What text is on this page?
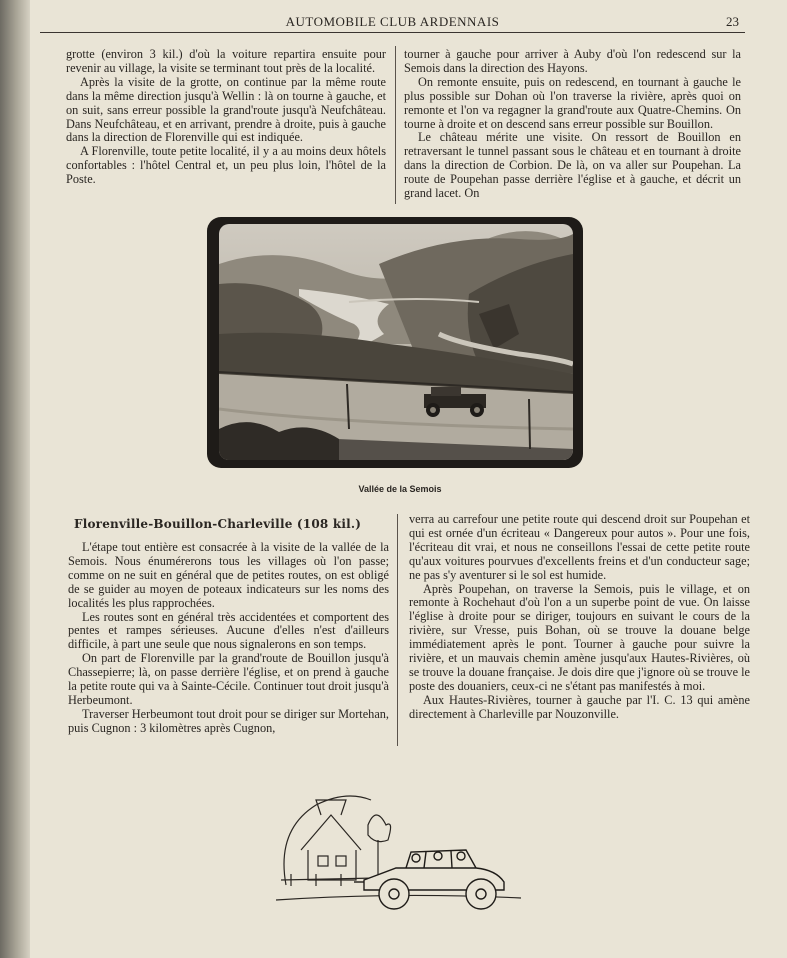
AUTOMOBILE CLUB ARDENNAIS	23

grotte (environ 3 kil.) d'où la voiture repartira ensuite pour revenir au village, la visite se terminant tout près de la localité.

Après la visite de la grotte, on continue par la même route dans la même direction jusqu'à Wellin : là on tourne à gauche, et on suit, sans erreur possible la grand'route jusqu'à Neufchâteau. Dans Neufchâteau, et en arrivant, prendre à droite, puis à gauche dans la direction de Florenville qui est indiquée.

A Florenville, toute petite localité, il y a au moins deux hôtels confortables : l'hôtel Central et, un peu plus loin, l'hôtel de la Poste.

tourner à gauche pour arriver à Auby d'où l'on redescend sur la Semois dans la direction des Hayons.

On remonte ensuite, puis on redescend, en tournant à gauche le plus possible sur Dohan où l'on traverse la rivière, après quoi on remonte et l'on va regagner la grand'route aux Quatre-Chemins. On tourne à droite et on descend sans erreur possible sur Bouillon.

Le château mérite une visite. On ressort de Bouillon en retraversant le tunnel passant sous le château et en tournant à droite dans la direction de Corbion. De là, on va aller sur Poupehan. La route de Poupehan passe derrière l'église et à gauche, et décrit un grand lacet. On

Vallée de la Semois
Florenville-Bouillon-Charleville (108 kil.)

L'étape tout entière est consacrée à la visite de la vallée de la Semois. Nous énumérerons tous les villages où l'on passe; comme on ne suit en général que de petites routes, on est obligé de se guider au moyen de poteaux indicateurs sur les noms des localités les plus rapprochées.

Les routes sont en général très accidentées et comportent des pentes et rampes sérieuses. Aucune d'elles n'est d'ailleurs difficile, à part une seule que nous signalerons en son temps.

On part de Florenville par la grand'route de Bouillon jusqu'à Chassepierre; là, on passe derrière l'église, et on prend à gauche la petite route qui va à Sainte-Cécile. Continuer tout droit jusqu'à Herbeumont.

Traverser Herbeumont tout droit pour se diriger sur Mortehan, puis Cugnon : 3 kilomètres après Cugnon,

verra au carrefour une petite route qui descend droit sur Poupehan et qui est ornée d'un écriteau « Dangereux pour autos ». Pour une fois, l'écriteau dit vrai, et nous ne conseillons l'essai de cette petite route qu'aux voitures pourvues d'excellents freins et d'un conducteur sage; ne pas s'y aventurer si le sol est humide.

Après Poupehan, on traverse la Semois, puis le village, et on remonte à Rochehaut d'où l'on a un superbe point de vue. On laisse l'église à droite pour se diriger, toujours en suivant le cours de la rivière, sur Vresse, puis Bohan, où se trouve la douane belge immédiatement après le pont. Tourner à gauche pour suivre la rivière, et un mauvais chemin amène jusqu'aux Hautes-Rivières, où se trouve la douane française. Je dois dire que j'ignore où se trouve le poste des douaniers, ceux-ci ne s'étant pas manifestés à moi.

Aux Hautes-Rivières, tourner à gauche par l'I. C. 13 qui amène directement à Charleville par Nouzonville.
